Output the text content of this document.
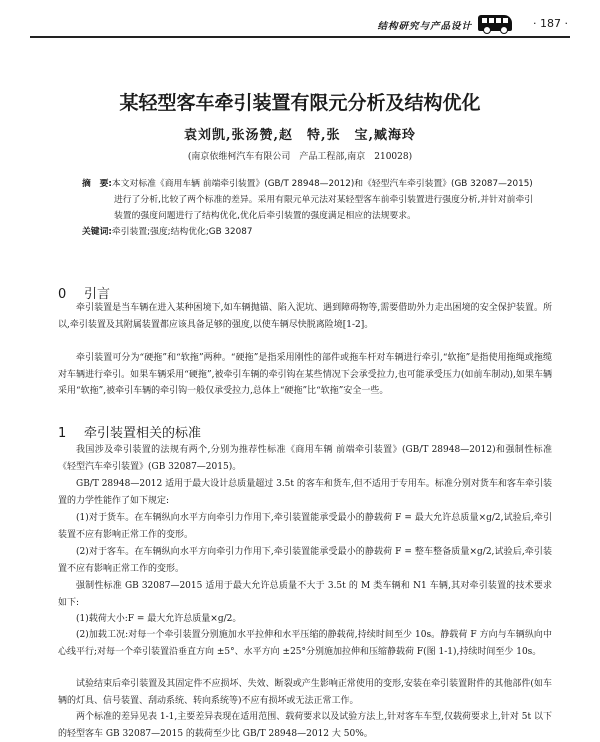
结构研究与产品设计	· 187 ·
某轻型客车牵引装置有限元分析及结构优化
袁刘凯,张汤赞,赵　特,张　宝,臧海玲
(南京依维柯汽车有限公司　产品工程部,南京　210028)
摘　要:本文对标准《商用车辆 前端牵引装置》(GB/T 28948—2012)和《轻型汽车牵引装置》(GB 32087—2015)进行了分析,比较了两个标准的差异。采用有限元单元法对某轻型客车前牵引装置进行强度分析,并针对前牵引装置的强度问题进行了结构优化,优化后牵引装置的强度满足相应的法规要求。
关键词:牵引装置;强度;结构优化;GB 32087
0 引言

牵引装置是当车辆在进入某种困境下,如车辆抛锚、陷入泥坑、遇到障碍物等,需要借助外力走出困境的安全保护装置。所以,牵引装置及其附属装置都应该具备足够的强度,以使车辆尽快脱离险境[1-2]。

牵引装置可分为“硬拖”和“软拖”两种。“硬拖”是指采用刚性的部件或拖车杆对车辆进行牵引,“软拖”是指使用拖绳或拖缆对车辆进行牵引。如果车辆采用“硬拖”,被牵引车辆的牵引钩在某些情况下会承受拉力,也可能承受压力(如前车制动),如果车辆采用“软拖”,被牵引车辆的牵引钩一般仅承受拉力,总体上“硬拖”比“软拖”安全一些。

1 牵引装置相关的标准

我国涉及牵引装置的法规有两个,分别为推荐性标准《商用车辆 前端牵引装置》(GB/T 28948—2012)和强制性标准《轻型汽车牵引装置》(GB 32087—2015)。

GB/T 28948—2012 适用于最大设计总质量超过 3.5t 的客车和货车,但不适用于专用车。标准分别对货车和客车牵引装置的力学性能作了如下规定:

(1)对于货车。在车辆纵向水平方向牵引力作用下,牵引装置能承受最小的静载荷 F = 最大允许总质量×g/2,试验后,牵引装置不应有影响正常工作的变形。

(2)对于客车。在车辆纵向水平方向牵引力作用下,牵引装置能承受最小的静载荷 F = 整车整备质量×g/2,试验后,牵引装置不应有影响正常工作的变形。

强制性标准 GB 32087—2015 适用于最大允许总质量不大于 3.5t 的 M 类车辆和 N1 车辆,其对牵引装置的技术要求如下:

(1)载荷大小:F = 最大允许总质量×g/2。

(2)加载工况:对每一个牵引装置分别施加水平拉伸和水平压缩的静载荷,持续时间至少 10s。静载荷 F 方向与车辆纵向中心线平行;对每一个牵引装置沿垂直方向 ±5°、水平方向 ±25°分别施加拉伸和压缩静载荷 F(图 1-1),持续时间至少 10s。

试验结束后牵引装置及其固定件不应损坏、失效、断裂或产生影响正常使用的变形,安装在牵引装置附件的其他部件(如车辆的灯具、信号装置、刮动系统、转向系统等)不应有损坏或无法正常工作。

两个标准的差异见表 1-1,主要差异表现在适用范围、载荷要求以及试验方法上,针对客车车型,仅载荷要求上,针对 5t 以下的轻型客车 GB 32087—2015 的载荷至少比 GB/T 28948—2012 大 50%。
